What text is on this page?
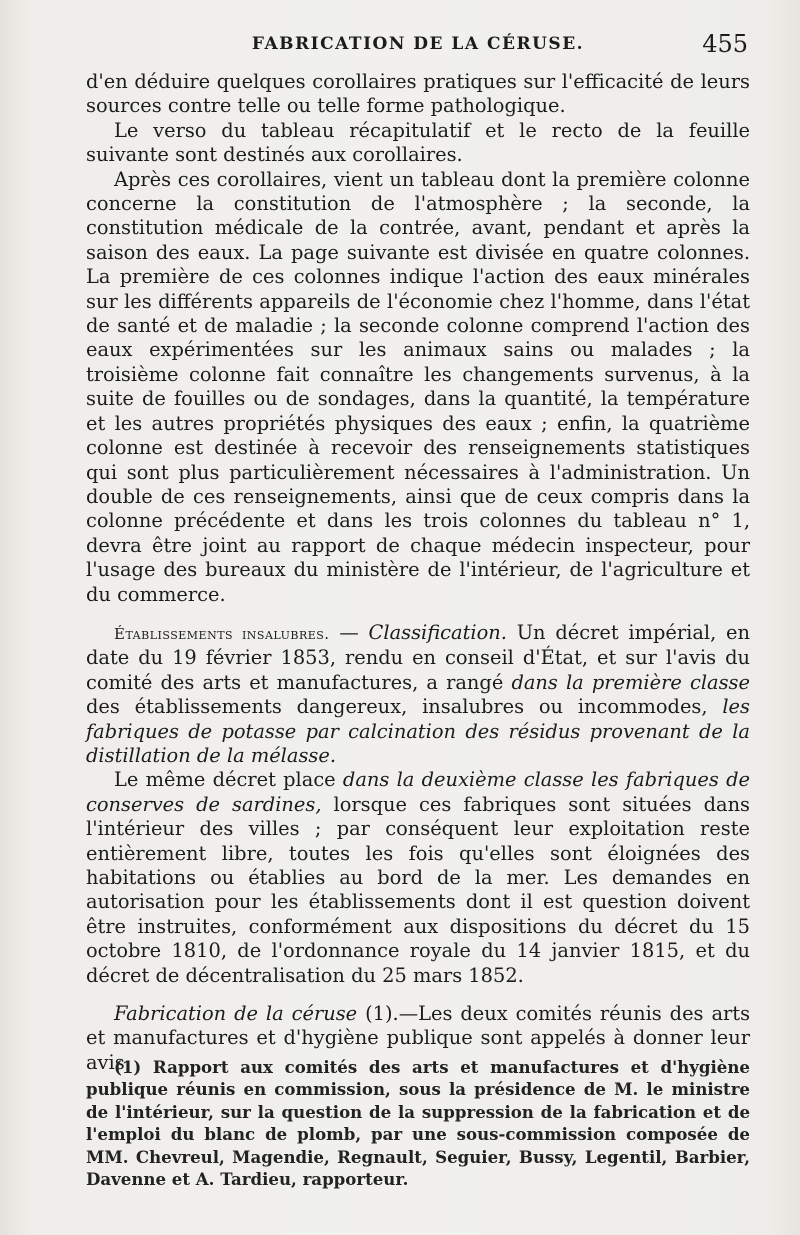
FABRICATION DE LA CÉRUSE.	455

d'en déduire quelques corollaires pratiques sur l'efficacité de leurs sources contre telle ou telle forme pathologique.

Le verso du tableau récapitulatif et le recto de la feuille suivante sont destinés aux corollaires.

Après ces corollaires, vient un tableau dont la première colonne concerne la constitution de l'atmosphère ; la seconde, la constitution médicale de la contrée, avant, pendant et après la saison des eaux. La page suivante est divisée en quatre colonnes. La première de ces colonnes indique l'action des eaux minérales sur les différents appareils de l'économie chez l'homme, dans l'état de santé et de maladie ; la seconde colonne comprend l'action des eaux expérimentées sur les animaux sains ou malades ; la troisième colonne fait connaître les changements survenus, à la suite de fouilles ou de sondages, dans la quantité, la température et les autres propriétés physiques des eaux ; enfin, la quatrième colonne est destinée à recevoir des renseignements statistiques qui sont plus particulièrement nécessaires à l'administration. Un double de ces renseignements, ainsi que de ceux compris dans la colonne précédente et dans les trois colonnes du tableau n° 1, devra être joint au rapport de chaque médecin inspecteur, pour l'usage des bureaux du ministère de l'intérieur, de l'agriculture et du commerce.

Établissements insalubres. — Classification. Un décret impérial, en date du 19 février 1853, rendu en conseil d'État, et sur l'avis du comité des arts et manufactures, a rangé dans la première classe des établissements dangereux, insalubres ou incommodes, les fabriques de potasse par calcination des résidus provenant de la distillation de la mélasse.

Le même décret place dans la deuxième classe les fabriques de conserves de sardines, lorsque ces fabriques sont situées dans l'intérieur des villes ; par conséquent leur exploitation reste entièrement libre, toutes les fois qu'elles sont éloignées des habitations ou établies au bord de la mer. Les demandes en autorisation pour les établissements dont il est question doivent être instruites, conformément aux dispositions du décret du 15 octobre 1810, de l'ordonnance royale du 14 janvier 1815, et du décret de décentralisation du 25 mars 1852.

Fabrication de la céruse (1).—Les deux comités réunis des arts et manufactures et d'hygiène publique sont appelés à donner leur avis

(1) Rapport aux comités des arts et manufactures et d'hygiène publique réunis en commission, sous la présidence de M. le ministre de l'intérieur, sur la question de la suppression de la fabrication et de l'emploi du blanc de plomb, par une sous-commission composée de MM. Chevreul, Magendie, Regnault, Seguier, Bussy, Legentil, Barbier, Davenne et A. Tardieu, rapporteur.
